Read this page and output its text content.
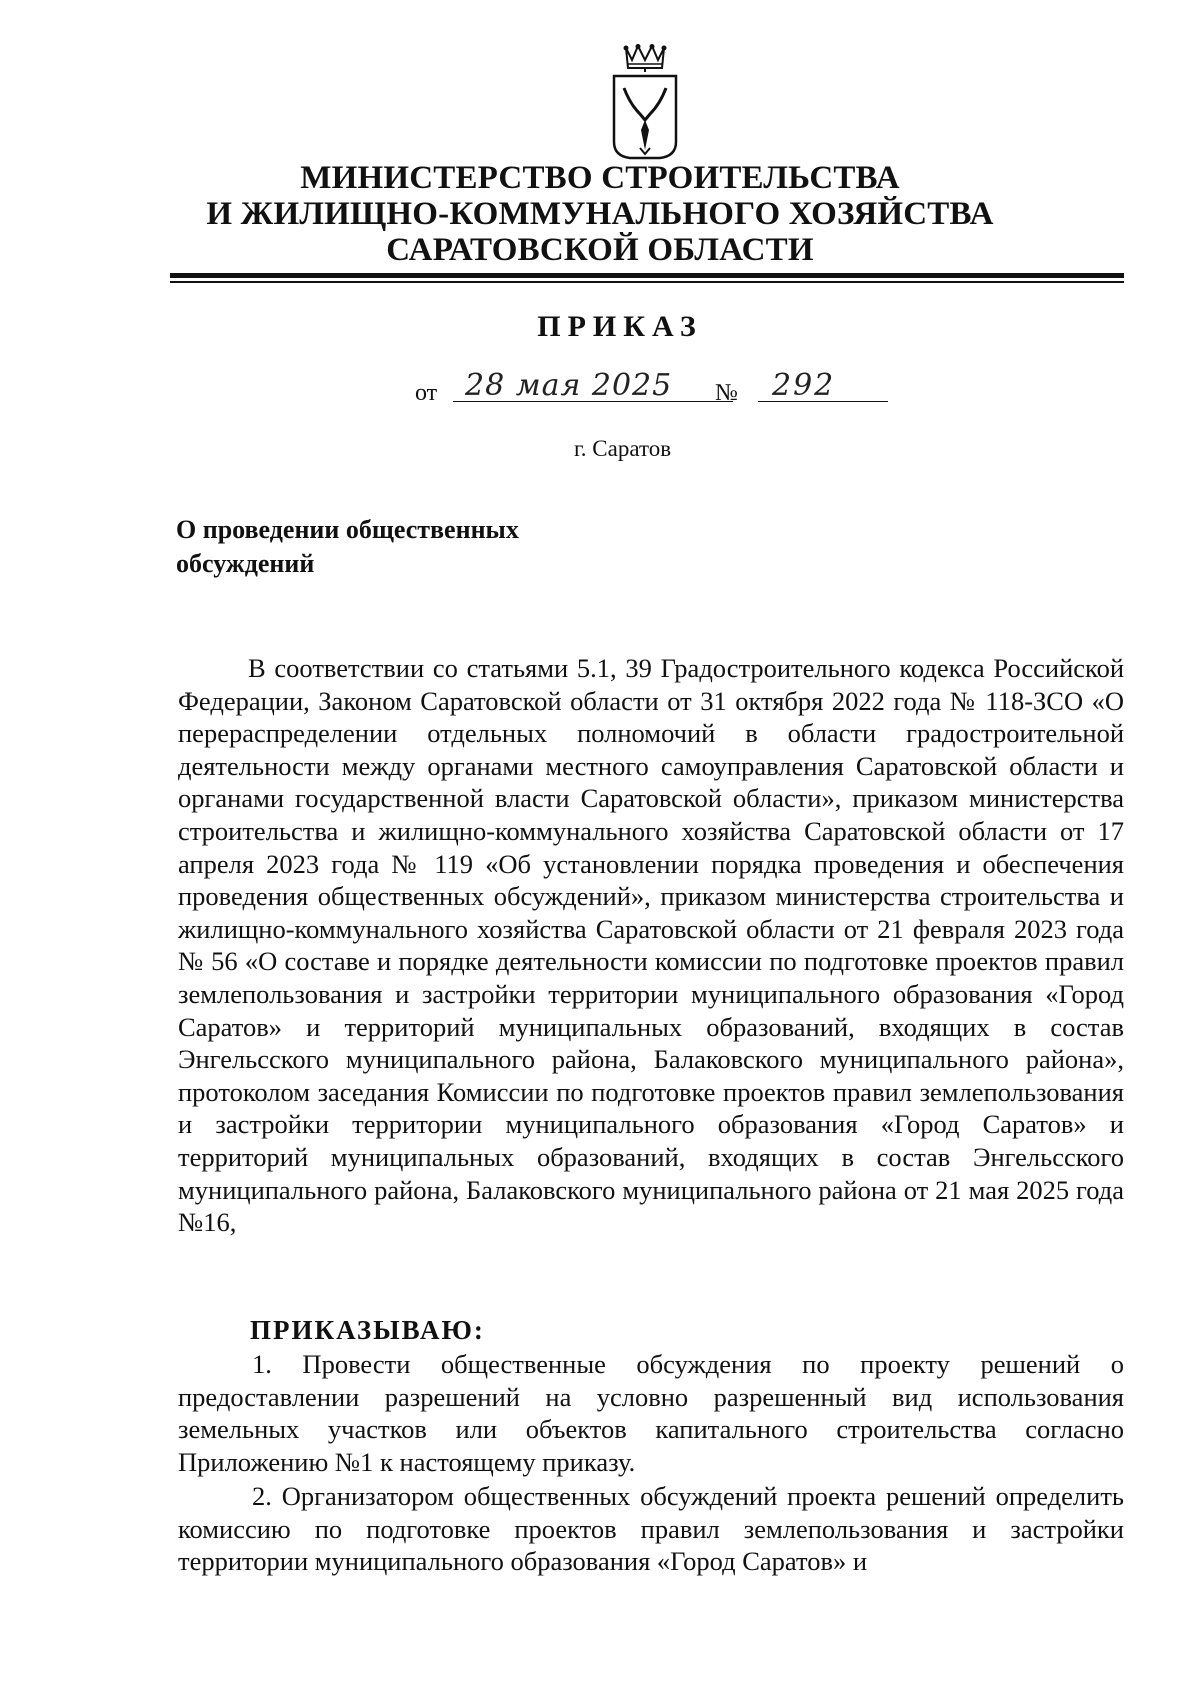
МИНИСТЕРСТВО СТРОИТЕЛЬСТВА
И ЖИЛИЩНО-КОММУНАЛЬНОГО ХОЗЯЙСТВА
САРАТОВСКОЙ ОБЛАСТИ
ПРИКАЗ
от 28 мая 2025	№	292
г. Саратов
О проведении общественных обсуждений
В соответствии со статьями 5.1, 39 Градостроительного кодекса Российской Федерации, Законом Саратовской области от 31 октября 2022 года № 118-ЗСО «О перераспределении отдельных полномочий в области градостроительной деятельности между органами местного самоуправления Саратовской области и органами государственной власти Саратовской области», приказом министерства строительства и жилищно-коммунального хозяйства Саратовской области от 17 апреля 2023 года № 119 «Об установлении порядка проведения и обеспечения проведения общественных обсуждений», приказом министерства строительства и жилищно-коммунального хозяйства Саратовской области от 21 февраля 2023 года № 56 «О составе и порядке деятельности комиссии по подготовке проектов правил землепользования и застройки территории муниципального образования «Город Саратов» и территорий муниципальных образований, входящих в состав Энгельсского муниципального района, Балаковского муниципального района», протоколом заседания Комиссии по подготовке проектов правил землепользования и застройки территории муниципального образования «Город Саратов» и территорий муниципальных образований, входящих в состав Энгельсского муниципального района, Балаковского муниципального района от 21 мая 2025 года №16,
ПРИКАЗЫВАЮ:
1. Провести общественные обсуждения по проекту решений о предоставлении разрешений на условно разрешенный вид использования земельных участков или объектов капитального строительства согласно Приложению №1 к настоящему приказу.
2. Организатором общественных обсуждений проекта решений определить комиссию по подготовке проектов правил землепользования и застройки территории муниципального образования «Город Саратов» и
